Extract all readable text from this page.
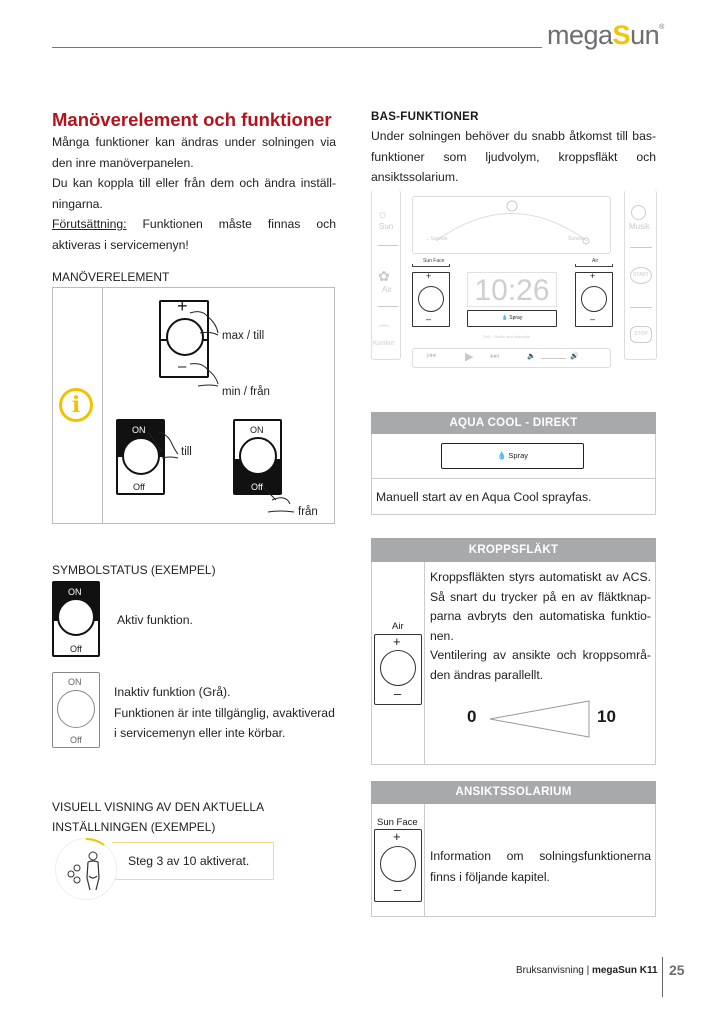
megaSun®
Manöverelement och funktioner

Många funktioner kan ändras under solningen via den inre manöverpanelen.

Du kan koppla till eller från dem och ändra inställ-ningarna.

Förutsättning: Funktionen måste finnas och aktiveras i servicemenyn!

MANÖVERELEMENT
i
+
–
max / till
min / från
ON
Off
till
ON
Off
från
SYMBOLSTATUS (EXEMPEL)
ON
Off
Aktiv funktion.
ON
Off
Inaktiv funktion (Grå).
Funktionen är inte tillgänglig, avaktiverad
i servicemenyn eller inte körbar.
VISUELL VISNING AV DEN AKTUELLA
INSTÄLLNINGEN (EXEMPEL)
Steg 3 av 10 aktiverat.
BAS-FUNKTIONER
Under solningen behöver du snabb åtkomst till bas-funktioner som ljudvolym, kroppsfläkt och ansiktssolarium.
☼
Sun
✿
Air
⌒
Komfort
Musik
START
STOP
⌂ Sunrise	Sunset
Sun Face	Air
+
–
+
–
10:26
💧 Spray
FM1 · Radio and channels
⏮	▶ ⏭	🔈	🔊
AQUA COOL - DIREKT
💧 Spray
Manuell start av en Aqua Cool sprayfas.
KROPPSFLÄKT
Air
+
–

Kroppsfläkten styrs automatiskt av ACS. Så snart du trycker på en av fläktknap-parna avbryts den automatiska funktio-nen.

Ventilering av ansikte och kroppsområ-den ändras parallellt.

0	10
ANSIKTSSOLARIUM
Sun Face
+
–
Information om solningsfunktionerna finns i följande kapitel.
Bruksanvisning | megaSun K11 25
